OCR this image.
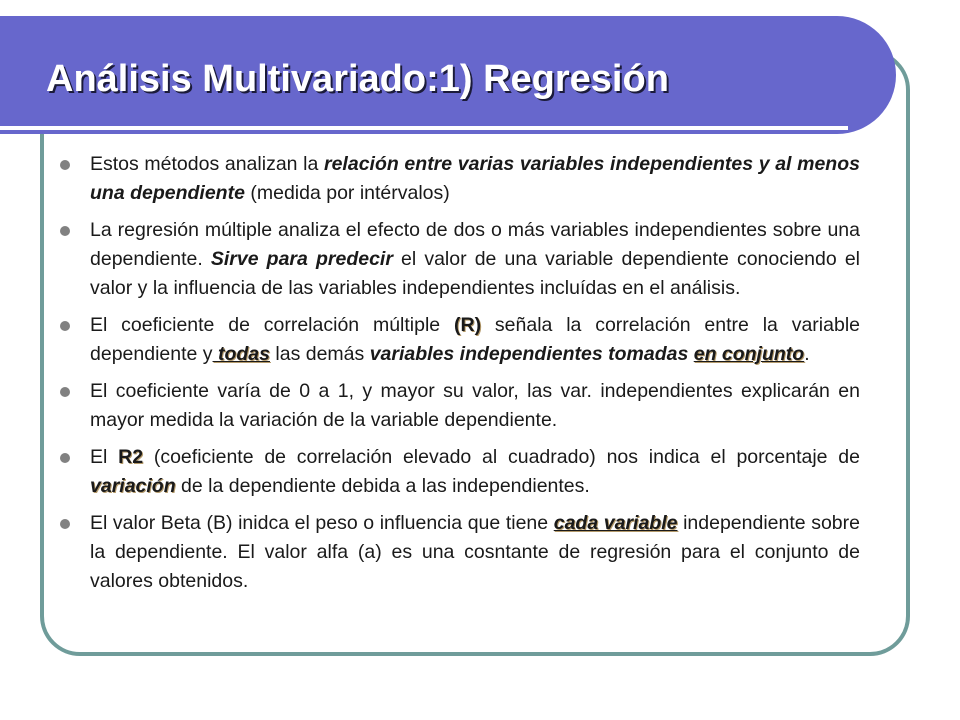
Análisis Multivariado:1) Regresión
Estos métodos analizan la relación entre varias variables independientes y al menos una dependiente (medida por intérvalos)
La regresión múltiple analiza el efecto de dos o más variables independientes sobre una dependiente. Sirve para predecir el valor de una variable dependiente conociendo el valor y la influencia de las variables independientes incluídas en el análisis.
El coeficiente de correlación múltiple (R) señala la correlación entre la variable dependiente y todas las demás variables independientes tomadas en conjunto.
El coeficiente varía de 0 a 1, y mayor su valor, las var. independientes explicarán en mayor medida la variación de la variable dependiente.
El R2 (coeficiente de correlación elevado al cuadrado) nos indica el porcentaje de variación de la dependiente debida a las independientes.
El valor Beta (B) inidca el peso o influencia que tiene cada variable independiente sobre la dependiente. El valor alfa (a) es una cosntante de regresión para el conjunto de valores obtenidos.
